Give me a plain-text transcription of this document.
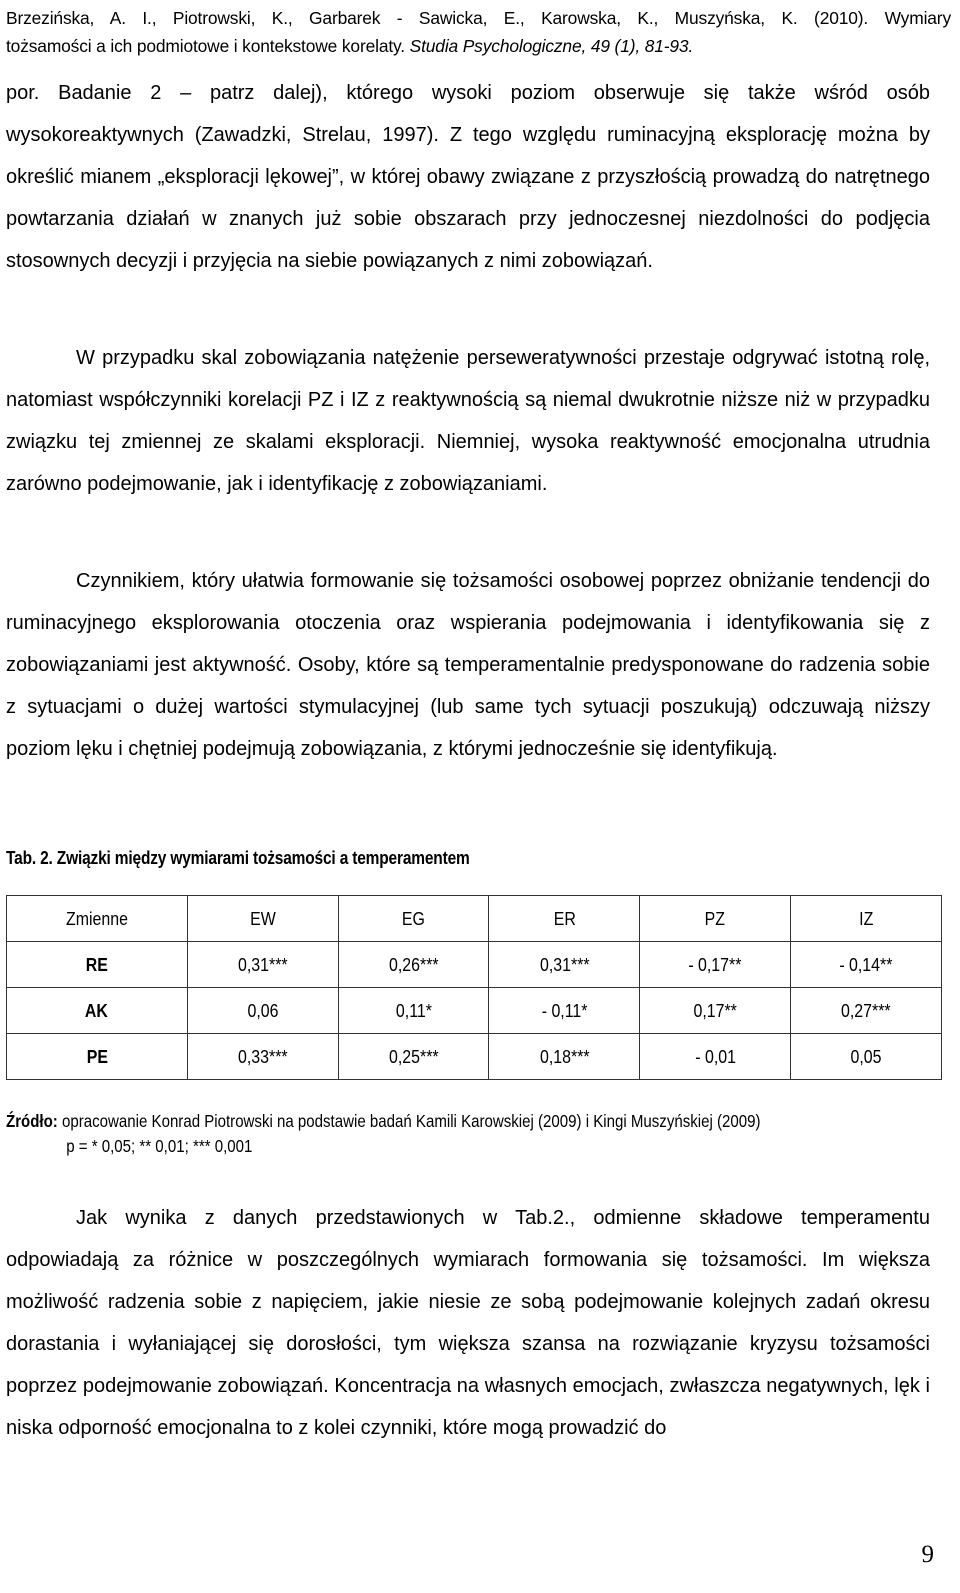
Brzezińska, A. I., Piotrowski, K., Garbarek - Sawicka, E., Karowska, K., Muszyńska, K. (2010). Wymiary
tożsamości a ich podmiotowe i kontekstowe korelaty. Studia Psychologiczne, 49 (1), 81-93.

por. Badanie 2 – patrz dalej), którego wysoki poziom obserwuje się także wśród osób wysokoreaktywnych (Zawadzki, Strelau, 1997). Z tego względu ruminacyjną eksplorację można by określić mianem „eksploracji lękowej”, w której obawy związane z przyszłością prowadzą do natrętnego powtarzania działań w znanych już sobie obszarach przy jednoczesnej niezdolności do podjęcia stosownych decyzji i przyjęcia na siebie powiązanych z nimi zobowiązań.

W przypadku skal zobowiązania natężenie perseweratywności przestaje odgrywać istotną rolę, natomiast współczynniki korelacji PZ i IZ z reaktywnością są niemal dwukrotnie niższe niż w przypadku związku tej zmiennej ze skalami eksploracji. Niemniej, wysoka reaktywność emocjonalna utrudnia zarówno podejmowanie, jak i identyfikację z zobowiązaniami.

Czynnikiem, który ułatwia formowanie się tożsamości osobowej poprzez obniżanie tendencji do ruminacyjnego eksplorowania otoczenia oraz wspierania podejmowania i identyfikowania się z zobowiązaniami jest aktywność. Osoby, które są temperamentalnie predysponowane do radzenia sobie z sytuacjami o dużej wartości stymulacyjnej (lub same tych sytuacji poszukują) odczuwają niższy poziom lęku i chętniej podejmują zobowiązania, z którymi jednocześnie się identyfikują.

Tab. 2. Związki między wymiarami tożsamości a temperamentem
Zmienne	EW	EG	ER	PZ	IZ
RE	0,31***	0,26***	0,31***	- 0,17**	- 0,14**
AK	0,06	0,11*	- 0,11*	0,17**	0,27***
PE	0,33***	0,25***	0,18***	- 0,01	0,05
Źródło: opracowanie Konrad Piotrowski na podstawie badań Kamili Karowskiej (2009) i Kingi Muszyńskiej (2009)
p = * 0,05; ** 0,01; *** 0,001

Jak wynika z danych przedstawionych w Tab.2., odmienne składowe temperamentu odpowiadają za różnice w poszczególnych wymiarach formowania się tożsamości. Im większa możliwość radzenia sobie z napięciem, jakie niesie ze sobą podejmowanie kolejnych zadań okresu dorastania i wyłaniającej się dorosłości, tym większa szansa na rozwiązanie kryzysu tożsamości poprzez podejmowanie zobowiązań. Koncentracja na własnych emocjach, zwłaszcza negatywnych, lęk i niska odporność emocjonalna to z kolei czynniki, które mogą prowadzić do

9
